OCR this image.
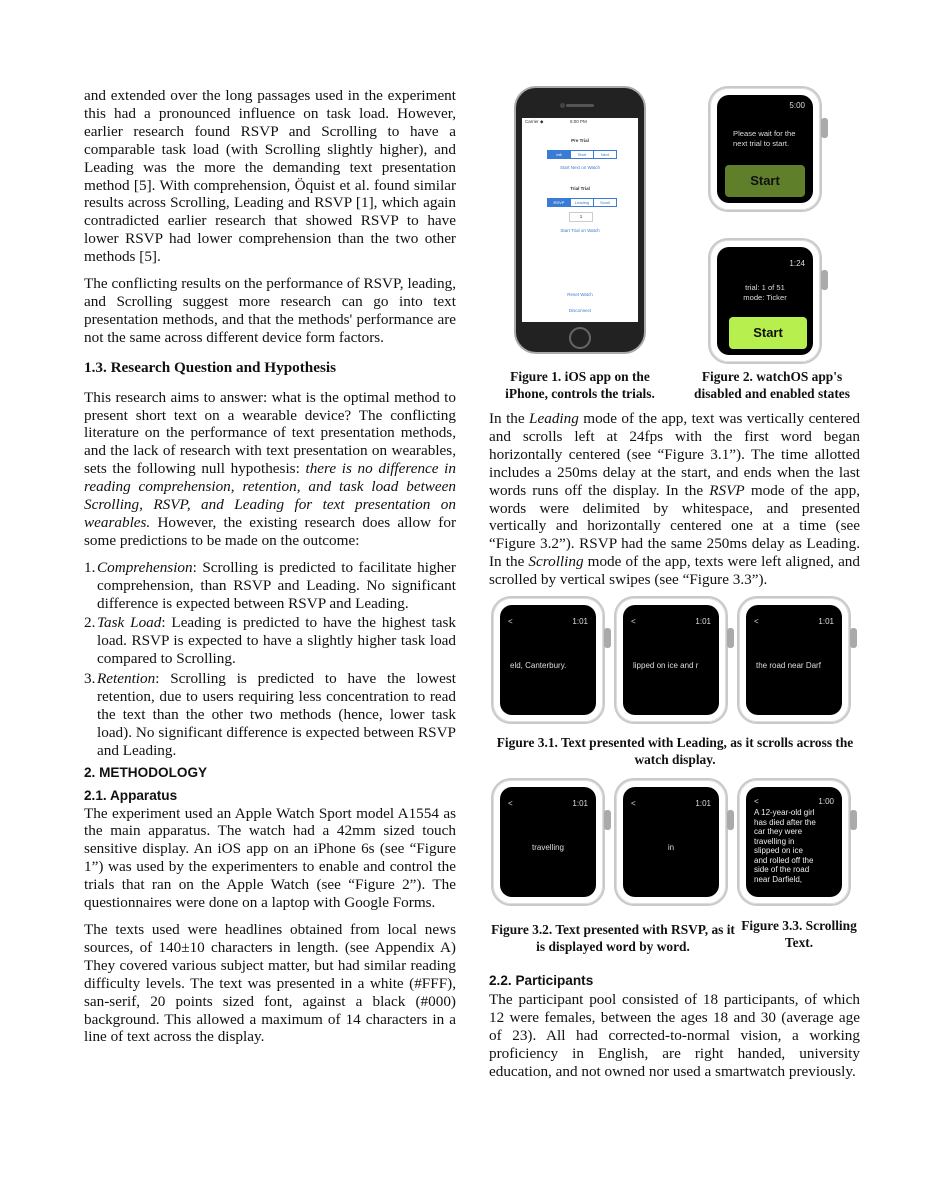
and extended over the long passages used in the experiment this had a pronounced influence on task load. However, earlier research found RSVP and Scrolling to have a comparable task load (with Scrolling slightly higher), and Leading was the more the demanding text presentation method [5]. With comprehension, Öquist et al. found similar results across Scrolling, Leading and RSVP [1], which again contradicted earlier research that showed RSVP to have lower RSVP had lower comprehension than the two other methods [5].

The conflicting results on the performance of RSVP, leading, and Scrolling suggest more research can go into text presentation methods, and that the methods' performance are not the same across different device form factors.

1.3. Research Question and Hypothesis

This research aims to answer: what is the optimal method to present short text on a wearable device? The conflicting literature on the performance of text presentation methods, and the lack of research with text presentation on wearables, sets the following null hypothesis: there is no difference in reading comprehension, retention, and task load between Scrolling, RSVP, and Leading for text presentation on wearables. However, the existing research does allow for some predictions to be made on the outcome:

1. Comprehension: Scrolling is predicted to facilitate higher comprehension, than RSVP and Leading. No significant difference is expected between RSVP and Leading.
2. Task Load: Leading is predicted to have the highest task load. RSVP is expected to have a slightly higher task load compared to Scrolling.
3. Retention: Scrolling is predicted to have the lowest retention, due to users requiring less concentration to read the text than the other two methods (hence, lower task load). No significant difference is expected between RSVP and Leading.
2. METHODOLOGY
2.1. Apparatus

The experiment used an Apple Watch Sport model A1554 as the main apparatus. The watch had a 42mm sized touch sensitive display. An iOS app on an iPhone 6s (see “Figure 1”) was used by the experimenters to enable and control the trials that ran on the Apple Watch (see “Figure 2”). The questionnaires were done on a laptop with Google Forms.

The texts used were headlines obtained from local news sources, of 140±10 characters in length. (see Appendix A) They covered various subject matter, but had similar reading difficulty levels. The text was presented in a white (#FFF), san-serif, 20 points sized font, against a black (#000) background. This allowed a maximum of 14 characters in a line of text across the display.

Carrier ◆	5:00 PM
Pre Trial
Init	Start	Next
Start Next on Watch
Trial Trial
RSVP	Leading	Scroll
1
Start Trial on Watch
Reset Watch
Disconnect
Figure 1. iOS app on the iPhone, controls the trials.
5:00
Please wait for the next trial to start.
Start
1:24
trial: 1 of 51
mode: Ticker
Start
Figure 2. watchOS app's disabled and enabled states

In the Leading mode of the app, text was vertically centered and scrolls left at 24fps with the first word began horizontally centered (see “Figure 3.1”). The time allotted includes a 250ms delay at the start, and ends when the last words runs off the display. In the RSVP mode of the app, words were delimited by whitespace, and presented vertically and horizontally centered one at a time (see “Figure 3.2”). RSVP had the same 250ms delay as Leading. In the Scrolling mode of the app, texts were left aligned, and scrolled by vertical swipes (see “Figure 3.3”).

<	1:01
eld, Canterbury.
<	1:01
lipped on ice and r
<	1:01
the road near Darf
Figure 3.1. Text presented with Leading, as it scrolls across the watch display.
<	1:01
travelling
<	1:01
in
Figure 3.2. Text presented with RSVP, as it is displayed word by word.
<	1:00
A 12-year-old girl
has died after the
car they were
travelling in
slipped on ice
and rolled off the
side of the road
near Darfield,
Figure 3.3. Scrolling Text.
2.2. Participants

The participant pool consisted of 18 participants, of which 12 were females, between the ages 18 and 30 (average age of 23). All had corrected-to-normal vision, a working proficiency in English, are right handed, university education, and not owned nor used a smartwatch previously.
